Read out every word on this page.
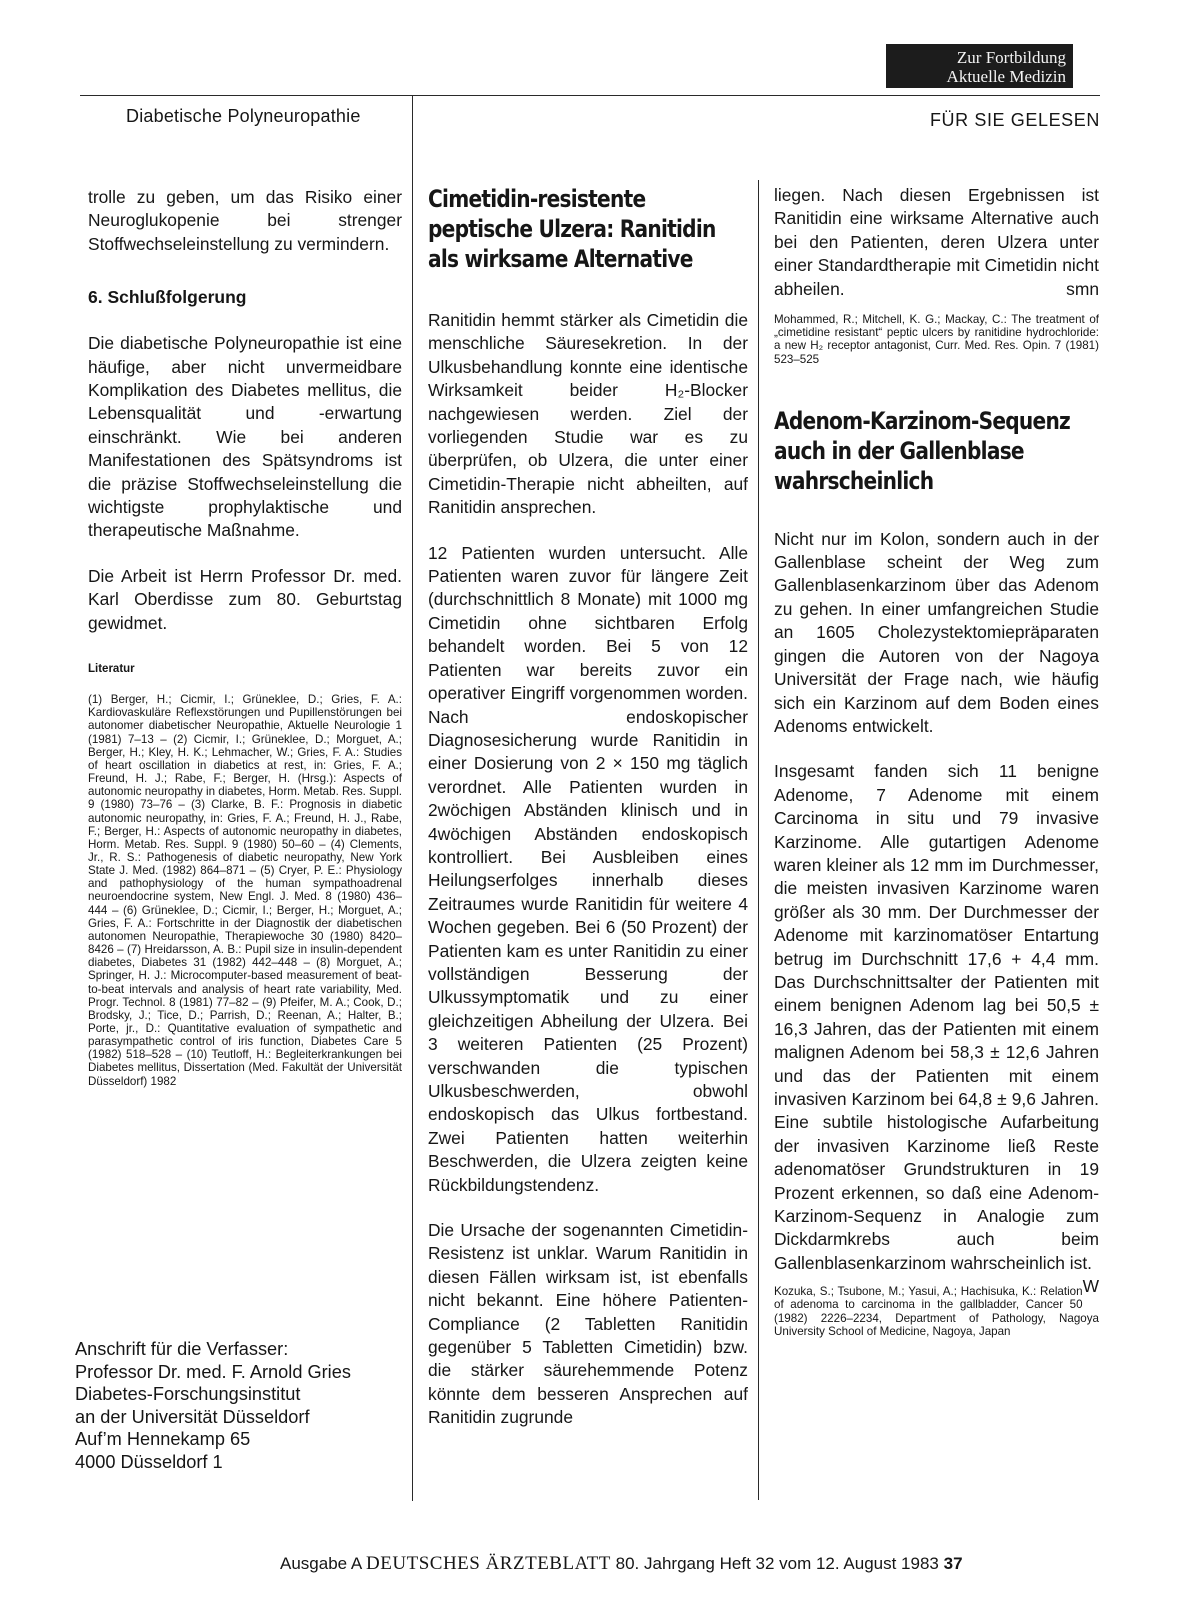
Zur Fortbildung
Aktuelle Medizin
Diabetische Polyneuropathie	FÜR SIE GELESEN

trolle zu geben, um das Risiko einer Neuroglukopenie bei strenger Stoffwechseleinstellung zu vermindern.

6. Schlußfolgerung

Die diabetische Polyneuropathie ist eine häufige, aber nicht unvermeidbare Komplikation des Diabetes mellitus, die Lebensqualität und -erwartung einschränkt. Wie bei anderen Manifestationen des Spätsyndroms ist die präzise Stoffwechseleinstellung die wichtigste prophylaktische und therapeutische Maßnahme.

Die Arbeit ist Herrn Professor Dr. med. Karl Oberdisse zum 80. Geburtstag gewidmet.

Literatur

(1) Berger, H.; Cicmir, I.; Grüneklee, D.; Gries, F. A.: Kardiovaskuläre Reflexstörungen und Pupillenstörungen bei autonomer diabetischer Neuropathie, Aktuelle Neurologie 1 (1981) 7–13 – (2) Cicmir, I.; Grüneklee, D.; Morguet, A.; Berger, H.; Kley, H. K.; Lehmacher, W.; Gries, F. A.: Studies of heart oscillation in diabetics at rest, in: Gries, F. A.; Freund, H. J.; Rabe, F.; Berger, H. (Hrsg.): Aspects of autonomic neuropathy in diabetes, Horm. Metab. Res. Suppl. 9 (1980) 73–76 – (3) Clarke, B. F.: Prognosis in diabetic autonomic neuropathy, in: Gries, F. A.; Freund, H. J., Rabe, F.; Berger, H.: Aspects of autonomic neuropathy in diabetes, Horm. Metab. Res. Suppl. 9 (1980) 50–60 – (4) Clements, Jr., R. S.: Pathogenesis of diabetic neuropathy, New York State J. Med. (1982) 864–871 – (5) Cryer, P. E.: Physiology and pathophysiology of the human sympathoadrenal neuroendocrine system, New Engl. J. Med. 8 (1980) 436–444 – (6) Grüneklee, D.; Cicmir, I.; Berger, H.; Morguet, A.; Gries, F. A.: Fortschritte in der Diagnostik der diabetischen autonomen Neuropathie, Therapiewoche 30 (1980) 8420–8426 – (7) Hreidarsson, A. B.: Pupil size in insulin-dependent diabetes, Diabetes 31 (1982) 442–448 – (8) Morguet, A.; Springer, H. J.: Microcomputer-based measurement of beat-to-beat intervals and analysis of heart rate variability, Med. Progr. Technol. 8 (1981) 77–82 – (9) Pfeifer, M. A.; Cook, D.; Brodsky, J.; Tice, D.; Parrish, D.; Reenan, A.; Halter, B.; Porte, jr., D.: Quantitative evaluation of sympathetic and parasympathetic control of iris function, Diabetes Care 5 (1982) 518–528 – (10) Teutloff, H.: Begleiterkrankungen bei Diabetes mellitus, Dissertation (Med. Fakultät der Universität Düsseldorf) 1982

Anschrift für die Verfasser:
Professor Dr. med. F. Arnold Gries
Diabetes-Forschungsinstitut
an der Universität Düsseldorf
Auf’m Hennekamp 65
4000 Düsseldorf 1
Cimetidin-resistente peptische Ulzera: Ranitidin als wirksame Alternative

Ranitidin hemmt stärker als Cimetidin die menschliche Säuresekretion. In der Ulkusbehandlung konnte eine identische Wirksamkeit beider H₂-Blocker nachgewiesen werden. Ziel der vorliegenden Studie war es zu überprüfen, ob Ulzera, die unter einer Cimetidin-Therapie nicht abheilten, auf Ranitidin ansprechen.

12 Patienten wurden untersucht. Alle Patienten waren zuvor für längere Zeit (durchschnittlich 8 Monate) mit 1000 mg Cimetidin ohne sichtbaren Erfolg behandelt worden. Bei 5 von 12 Patienten war bereits zuvor ein operativer Eingriff vorgenommen worden. Nach endoskopischer Diagnosesicherung wurde Ranitidin in einer Dosierung von 2 × 150 mg täglich verordnet. Alle Patienten wurden in 2wöchigen Abständen klinisch und in 4wöchigen Abständen endoskopisch kontrolliert. Bei Ausbleiben eines Heilungserfolges innerhalb dieses Zeitraumes wurde Ranitidin für weitere 4 Wochen gegeben. Bei 6 (50 Prozent) der Patienten kam es unter Ranitidin zu einer vollständigen Besserung der Ulkussymptomatik und zu einer gleichzeitigen Abheilung der Ulzera. Bei 3 weiteren Patienten (25 Prozent) verschwanden die typischen Ulkusbeschwerden, obwohl endoskopisch das Ulkus fortbestand. Zwei Patienten hatten weiterhin Beschwerden, die Ulzera zeigten keine Rückbildungstendenz.

Die Ursache der sogenannten Cimetidin-Resistenz ist unklar. Warum Ranitidin in diesen Fällen wirksam ist, ist ebenfalls nicht bekannt. Eine höhere Patienten-Compliance (2 Tabletten Ranitidin gegenüber 5 Tabletten Cimetidin) bzw. die stärker säurehemmende Potenz könnte dem besseren Ansprechen auf Ranitidin zugrunde

liegen. Nach diesen Ergebnissen ist Ranitidin eine wirksame Alternative auch bei den Patienten, deren Ulzera unter einer Standardtherapie mit Cimetidin nicht abheilen.	smn

Mohammed, R.; Mitchell, K. G.; Mackay, C.: The treatment of „cimetidine resistant“ peptic ulcers by ranitidine hydrochloride: a new H₂ receptor antagonist, Curr. Med. Res. Opin. 7 (1981) 523–525

Adenom-Karzinom-Sequenz auch in der Gallenblase wahrscheinlich

Nicht nur im Kolon, sondern auch in der Gallenblase scheint der Weg zum Gallenblasenkarzinom über das Adenom zu gehen. In einer umfangreichen Studie an 1605 Cholezystektomiepräparaten gingen die Autoren von der Nagoya Universität der Frage nach, wie häufig sich ein Karzinom auf dem Boden eines Adenoms entwickelt.

Insgesamt fanden sich 11 benigne Adenome, 7 Adenome mit einem Carcinoma in situ und 79 invasive Karzinome. Alle gutartigen Adenome waren kleiner als 12 mm im Durchmesser, die meisten invasiven Karzinome waren größer als 30 mm. Der Durchmesser der Adenome mit karzinomatöser Entartung betrug im Durchschnitt 17,6 + 4,4 mm. Das Durchschnittsalter der Patienten mit einem benignen Adenom lag bei 50,5 ± 16,3 Jahren, das der Patienten mit einem malignen Adenom bei 58,3 ± 12,6 Jahren und das der Patienten mit einem invasiven Karzinom bei 64,8 ± 9,6 Jahren. Eine subtile histologische Aufarbeitung der invasiven Karzinome ließ Reste adenomatöser Grundstrukturen in 19 Prozent erkennen, so daß eine Adenom-Karzinom-Sequenz in Analogie zum Dickdarmkrebs auch beim Gallenblasenkarzinom wahrscheinlich ist.
W

Kozuka, S.; Tsubone, M.; Yasui, A.; Hachisuka, K.: Relation of adenoma to carcinoma in the gallbladder, Cancer 50 (1982) 2226–2234, Department of Pathology, Nagoya University School of Medicine, Nagoya, Japan

Ausgabe A DEUTSCHES ÄRZTEBLATT 80. Jahrgang Heft 32 vom 12. August 1983 37
